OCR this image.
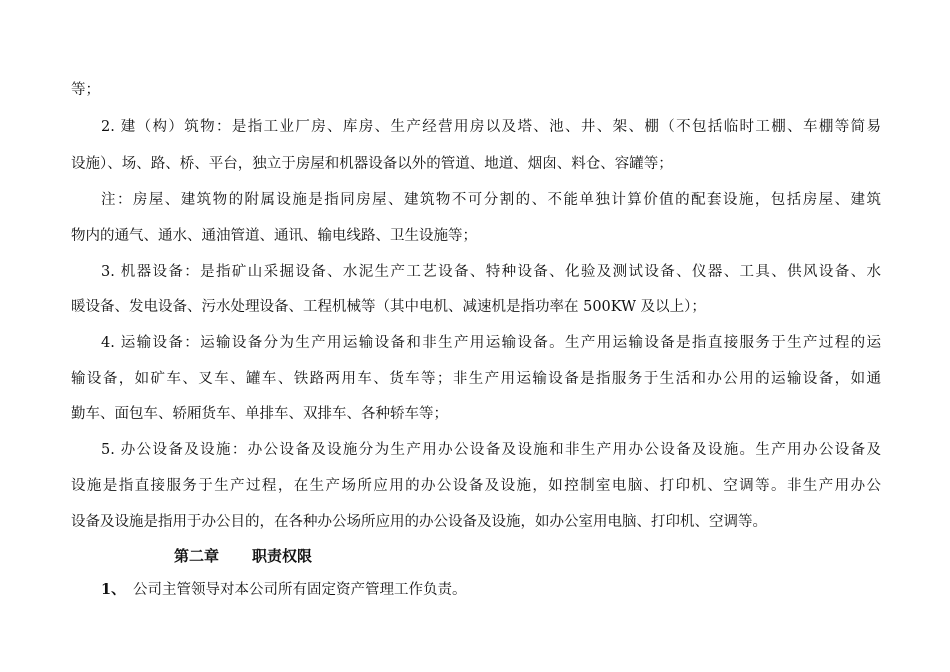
等；
2. 建（构）筑物：是指工业厂房、库房、生产经营用房以及塔、池、井、架、棚（不包括临时工棚、车棚等简易
设施）、场、路、桥、平台，独立于房屋和机器设备以外的管道、地道、烟囱、料仓、容罐等；
注：房屋、建筑物的附属设施是指同房屋、建筑物不可分割的、不能单独计算价值的配套设施，包括房屋、建筑
物内的通气、通水、通油管道、通讯、输电线路、卫生设施等；
3. 机器设备：是指矿山采掘设备、水泥生产工艺设备、特种设备、化验及测试设备、仪器、工具、供风设备、水
暖设备、发电设备、污水处理设备、工程机械等（其中电机、减速机是指功率在 500KW 及以上）；
4. 运输设备：运输设备分为生产用运输设备和非生产用运输设备。生产用运输设备是指直接服务于生产过程的运
输设备，如矿车、叉车、罐车、铁路两用车、货车等；非生产用运输设备是指服务于生活和办公用的运输设备，如通
勤车、面包车、轿厢货车、单排车、双排车、各种轿车等；
5. 办公设备及设施：办公设备及设施分为生产用办公设备及设施和非生产用办公设备及设施。生产用办公设备及
设施是指直接服务于生产过程，在生产场所应用的办公设备及设施，如控制室电脑、打印机、空调等。非生产用办公
设备及设施是指用于办公目的，在各种办公场所应用的办公设备及设施，如办公室用电脑、打印机、空调等。
第二章 职责权限
1、 公司主管领导对本公司所有固定资产管理工作负责。
